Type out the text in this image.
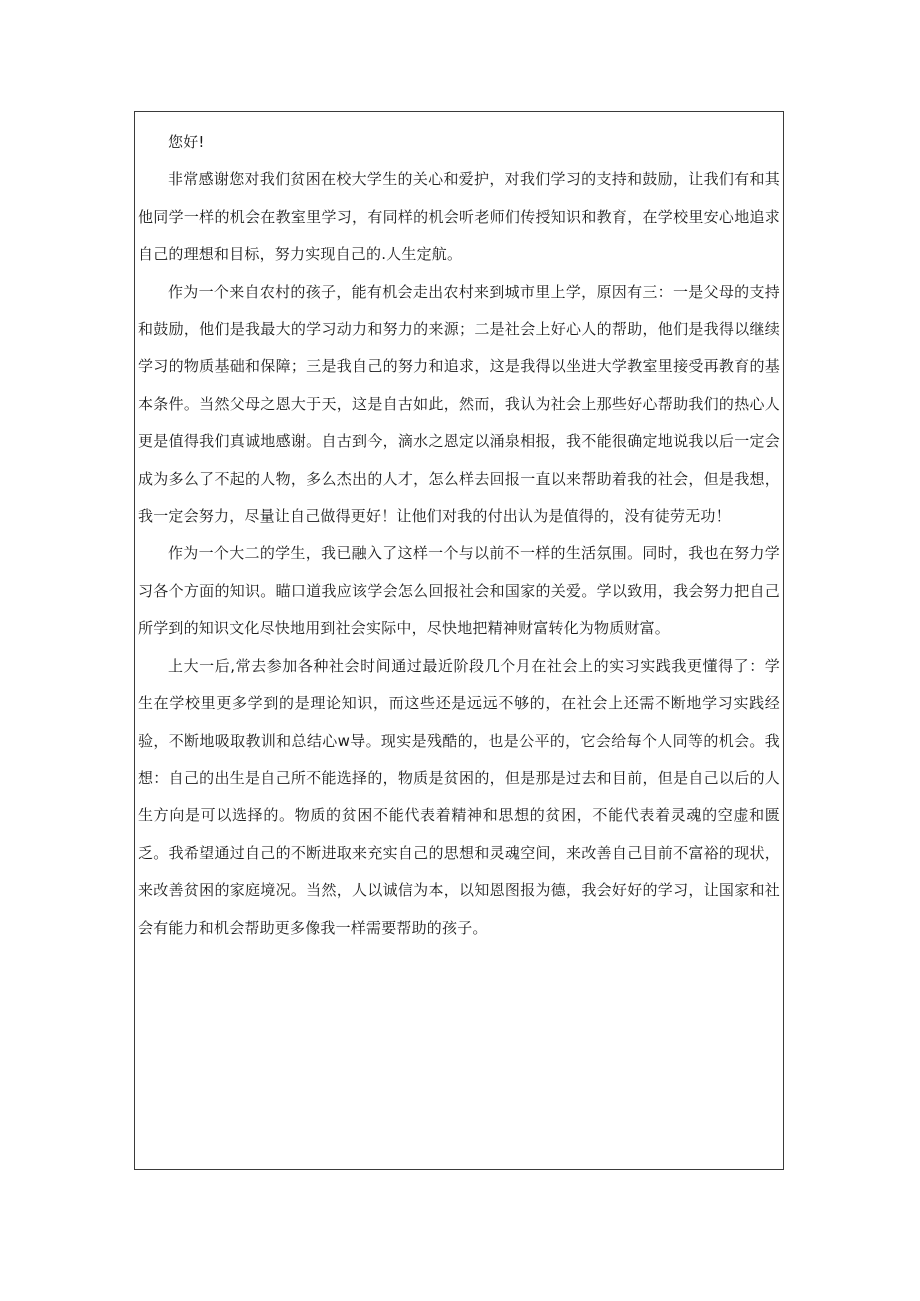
您好!

非常感谢您对我们贫困在校大学生的关心和爱护，对我们学习的支持和鼓励，让我们有和其他同学一样的机会在教室里学习，有同样的机会听老师们传授知识和教育，在学校里安心地追求自己的理想和目标，努力实现自己的.人生定航。

作为一个来自农村的孩子，能有机会走出农村来到城市里上学，原因有三：一是父母的支持和鼓励，他们是我最大的学习动力和努力的来源；二是社会上好心人的帮助，他们是我得以继续学习的物质基础和保障；三是我自己的努力和追求，这是我得以坐进大学教室里接受再教育的基本条件。当然父母之恩大于天，这是自古如此，然而，我认为社会上那些好心帮助我们的热心人更是值得我们真诚地感谢。自古到今，滴水之恩定以涌泉相报，我不能很确定地说我以后一定会成为多么了不起的人物，多么杰出的人才，怎么样去回报一直以来帮助着我的社会，但是我想，我一定会努力，尽量让自己做得更好！让他们对我的付出认为是值得的，没有徒劳无功！

作为一个大二的学生，我已融入了这样一个与以前不一样的生活氛围。同时，我也在努力学习各个方面的知识。瞄口道我应该学会怎么回报社会和国家的关爱。学以致用，我会努力把自己所学到的知识文化尽快地用到社会实际中，尽快地把精神财富转化为物质财富。

上大一后,常去参加各种社会时间通过最近阶段几个月在社会上的实习实践我更懂得了：学生在学校里更多学到的是理论知识，而这些还是远远不够的，在社会上还需不断地学习实践经验，不断地吸取教训和总结心w导。现实是残酷的，也是公平的，它会给每个人同等的机会。我想：自己的出生是自己所不能选择的，物质是贫困的，但是那是过去和目前，但是自己以后的人生方向是可以选择的。物质的贫困不能代表着精神和思想的贫困，不能代表着灵魂的空虚和匮乏。我希望通过自己的不断进取来充实自己的思想和灵魂空间，来改善自己目前不富裕的现状，来改善贫困的家庭境况。当然，人以诚信为本，以知恩图报为德，我会好好的学习，让国家和社会有能力和机会帮助更多像我一样需要帮助的孩子。
